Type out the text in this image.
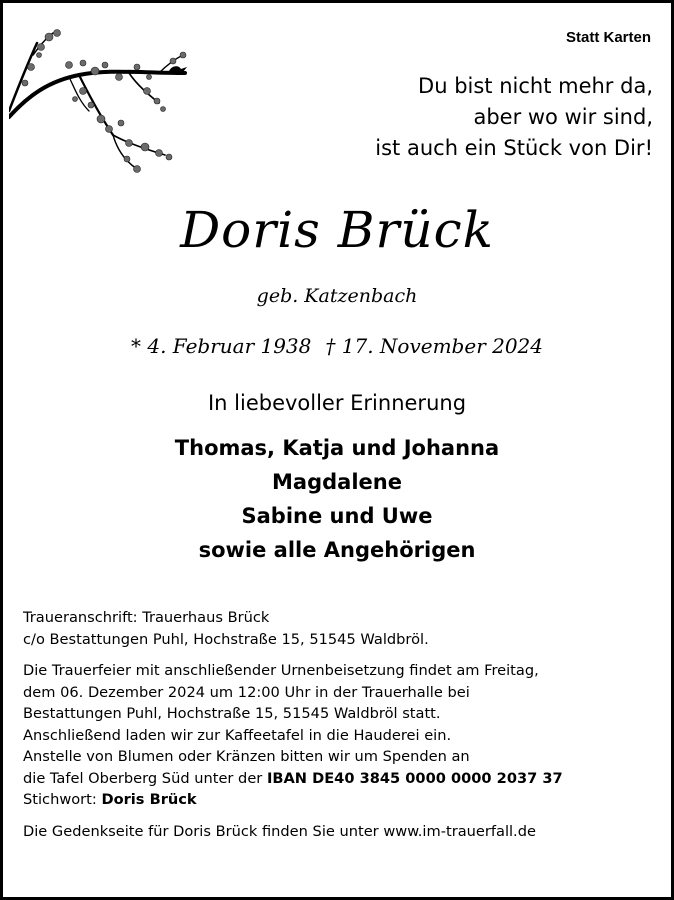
Statt Karten
Du bist nicht mehr da,
aber wo wir sind,
ist auch ein Stück von Dir!
Doris Brück
geb. Katzenbach
* 4. Februar 1938 † 17. November 2024
In liebevoller Erinnerung
Thomas, Katja und Johanna
Magdalene
Sabine und Uwe
sowie alle Angehörigen
Traueranschrift: Trauerhaus Brück
c/o Bestattungen Puhl, Hochstraße 15, 51545 Waldbröl.
Die Trauerfeier mit anschließender Urnenbeisetzung findet am Freitag,
dem 06. Dezember 2024 um 12:00 Uhr in der Trauerhalle bei
Bestattungen Puhl, Hochstraße 15, 51545 Waldbröl statt.
Anschließend laden wir zur Kaffeetafel in die Hauderei ein.
Anstelle von Blumen oder Kränzen bitten wir um Spenden an
die Tafel Oberberg Süd unter der IBAN DE40 3845 0000 0000 2037 37
Stichwort: Doris Brück
Die Gedenkseite für Doris Brück finden Sie unter www.im-trauerfall.de
